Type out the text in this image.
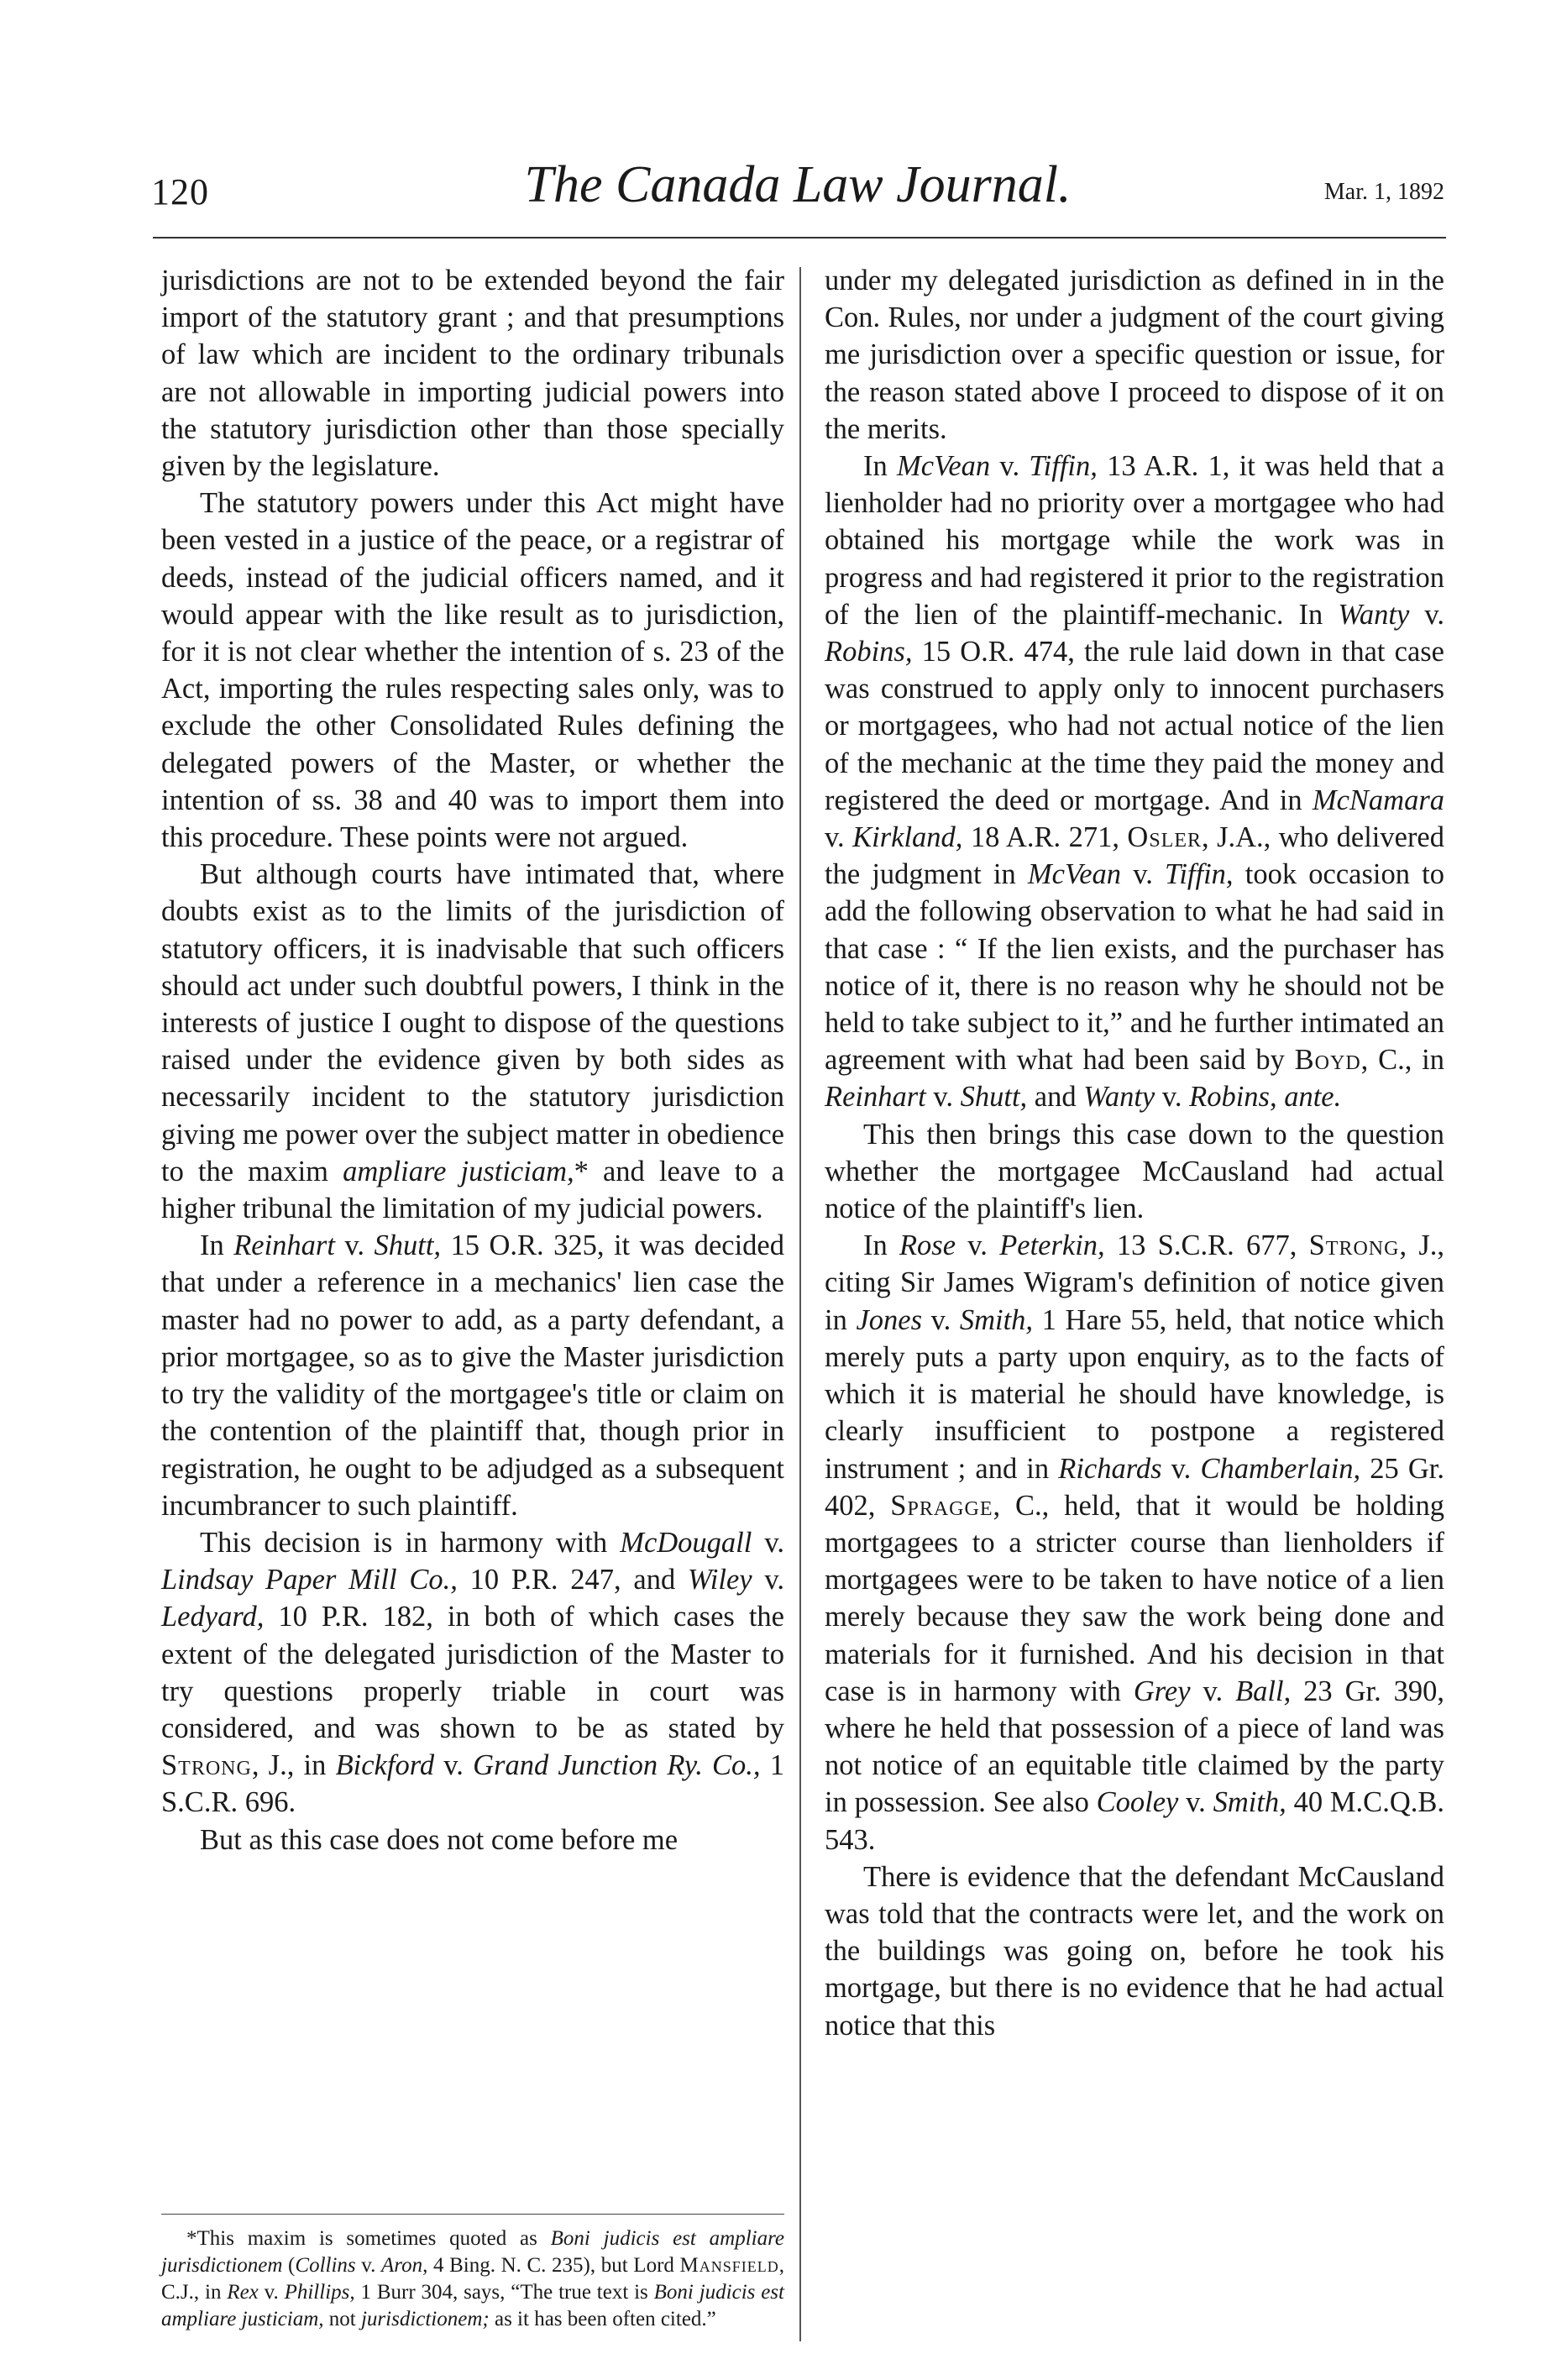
120	The Canada Law Journal.	Mar. 1, 1892

jurisdictions are not to be extended beyond the fair import of the statutory grant ; and that presumptions of law which are incident to the ordinary tribunals are not allowable in importing judicial powers into the statutory jurisdiction other than those specially given by the legislature.

The statutory powers under this Act might have been vested in a justice of the peace, or a registrar of deeds, instead of the judicial officers named, and it would appear with the like result as to jurisdiction, for it is not clear whether the intention of s. 23 of the Act, importing the rules respecting sales only, was to exclude the other Consolidated Rules defining the delegated powers of the Master, or whether the intention of ss. 38 and 40 was to import them into this procedure. These points were not argued.

But although courts have intimated that, where doubts exist as to the limits of the jurisdiction of statutory officers, it is inadvisable that such officers should act under such doubtful powers, I think in the interests of justice I ought to dispose of the questions raised under the evidence given by both sides as necessarily incident to the statutory jurisdiction giving me power over the subject matter in obedience to the maxim ampliare justiciam,* and leave to a higher tribunal the limitation of my judicial powers.

In Reinhart v. Shutt, 15 O.R. 325, it was decided that under a reference in a mechanics' lien case the master had no power to add, as a party defendant, a prior mortgagee, so as to give the Master jurisdiction to try the validity of the mortgagee's title or claim on the contention of the plaintiff that, though prior in registration, he ought to be adjudged as a subsequent incumbrancer to such plaintiff.

This decision is in harmony with McDougall v. Lindsay Paper Mill Co., 10 P.R. 247, and Wiley v. Ledyard, 10 P.R. 182, in both of which cases the extent of the delegated jurisdiction of the Master to try questions properly triable in court was considered, and was shown to be as stated by Strong, J., in Bickford v. Grand Junction Ry. Co., 1 S.C.R. 696.

But as this case does not come before me

*This maxim is sometimes quoted as Boni judicis est ampliare jurisdictionem (Collins v. Aron, 4 Bing. N. C. 235), but Lord Mansfield, C.J., in Rex v. Phillips, 1 Burr 304, says, “The true text is Boni judicis est ampliare justiciam, not jurisdictionem; as it has been often cited.”

under my delegated jurisdiction as defined in in the Con. Rules, nor under a judgment of the court giving me jurisdiction over a specific question or issue, for the reason stated above I proceed to dispose of it on the merits.

In McVean v. Tiffin, 13 A.R. 1, it was held that a lienholder had no priority over a mortgagee who had obtained his mortgage while the work was in progress and had registered it prior to the registration of the lien of the plaintiff-mechanic. In Wanty v. Robins, 15 O.R. 474, the rule laid down in that case was construed to apply only to innocent purchasers or mortgagees, who had not actual notice of the lien of the mechanic at the time they paid the money and registered the deed or mortgage. And in McNamara v. Kirkland, 18 A.R. 271, Osler, J.A., who delivered the judgment in McVean v. Tiffin, took occasion to add the following observation to what he had said in that case : “ If the lien exists, and the purchaser has notice of it, there is no reason why he should not be held to take subject to it,” and he further intimated an agreement with what had been said by Boyd, C., in Reinhart v. Shutt, and Wanty v. Robins, ante.

This then brings this case down to the question whether the mortgagee McCausland had actual notice of the plaintiff's lien.

In Rose v. Peterkin, 13 S.C.R. 677, Strong, J., citing Sir James Wigram's definition of notice given in Jones v. Smith, 1 Hare 55, held, that notice which merely puts a party upon enquiry, as to the facts of which it is material he should have knowledge, is clearly insufficient to postpone a registered instrument ; and in Richards v. Chamberlain, 25 Gr. 402, Spragge, C., held, that it would be holding mortgagees to a stricter course than lienholders if mortgagees were to be taken to have notice of a lien merely because they saw the work being done and materials for it furnished. And his decision in that case is in harmony with Grey v. Ball, 23 Gr. 390, where he held that possession of a piece of land was not notice of an equitable title claimed by the party in possession. See also Cooley v. Smith, 40 M.C.Q.B. 543.

There is evidence that the defendant McCausland was told that the contracts were let, and the work on the buildings was going on, before he took his mortgage, but there is no evidence that he had actual notice that this
